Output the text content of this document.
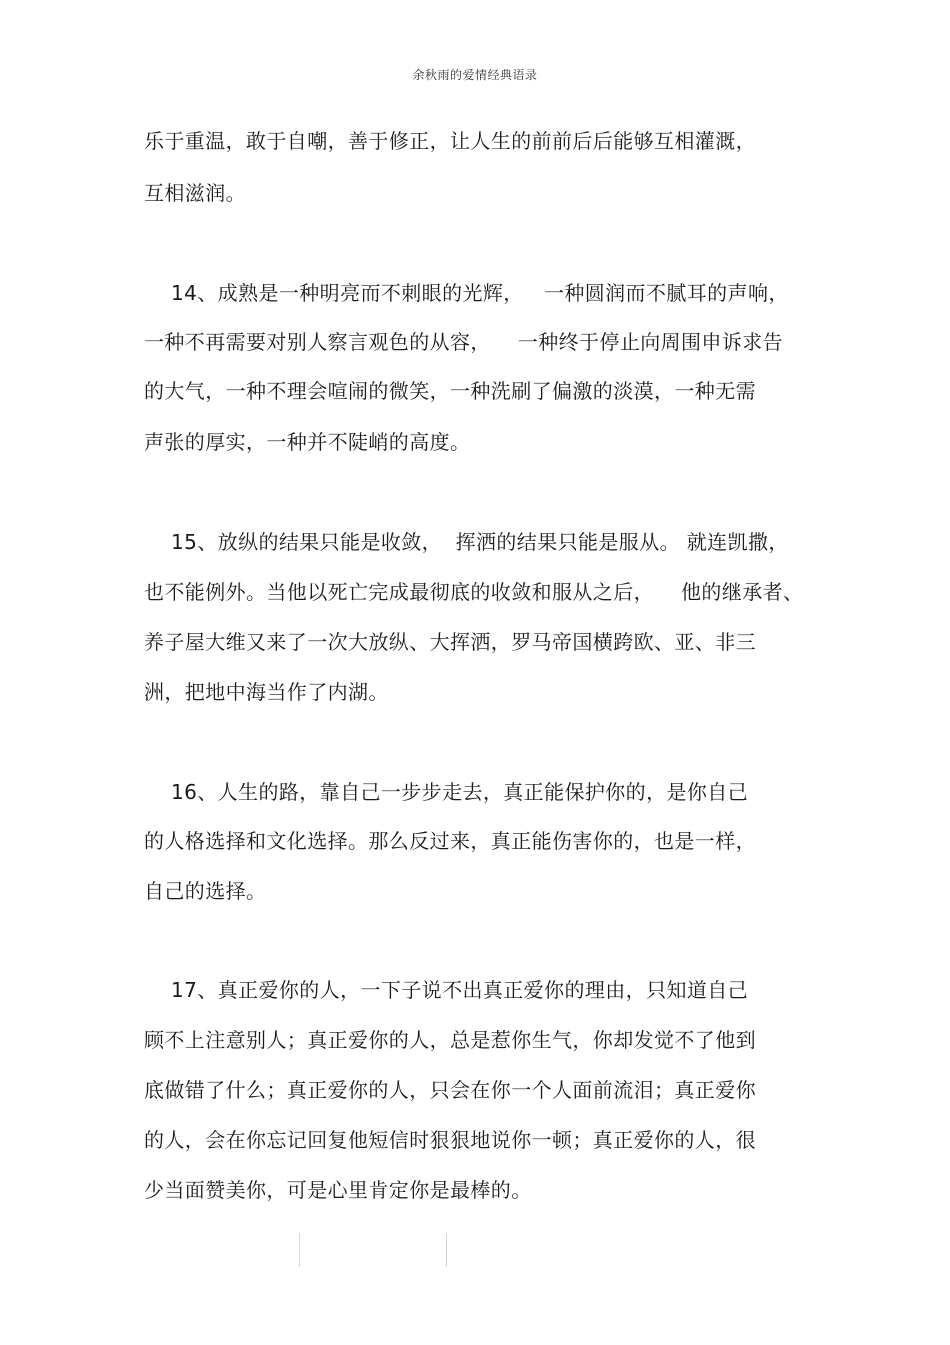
余秋雨的爱情经典语录
乐于重温，敢于自嘲，善于修正，让人生的前前后后能够互相灌溉，
互相滋润。
14、成熟是一种明亮而不刺眼的光辉，   一种圆润而不腻耳的声响，
一种不再需要对别人察言观色的从容，    一种终于停止向周围申诉求告
的大气，一种不理会喧闹的微笑，一种洗刷了偏激的淡漠，一种无需
声张的厚实，一种并不陡峭的高度。
15、放纵的结果只能是收敛，  挥洒的结果只能是服从。 就连凯撒，
也不能例外。当他以死亡完成最彻底的收敛和服从之后，    他的继承者、
养子屋大维又来了一次大放纵、大挥洒，罗马帝国横跨欧、亚、非三
洲，把地中海当作了内湖。
16、人生的路，靠自己一步步走去，真正能保护你的，是你自己
的人格选择和文化选择。那么反过来，真正能伤害你的，也是一样，
自己的选择。
17、真正爱你的人，一下子说不出真正爱你的理由，只知道自己
顾不上注意别人；真正爱你的人，总是惹你生气，你却发觉不了他到
底做错了什么；真正爱你的人，只会在你一个人面前流泪；真正爱你
的人，会在你忘记回复他短信时狠狠地说你一顿；真正爱你的人，很
少当面赞美你，可是心里肯定你是最棒的。
